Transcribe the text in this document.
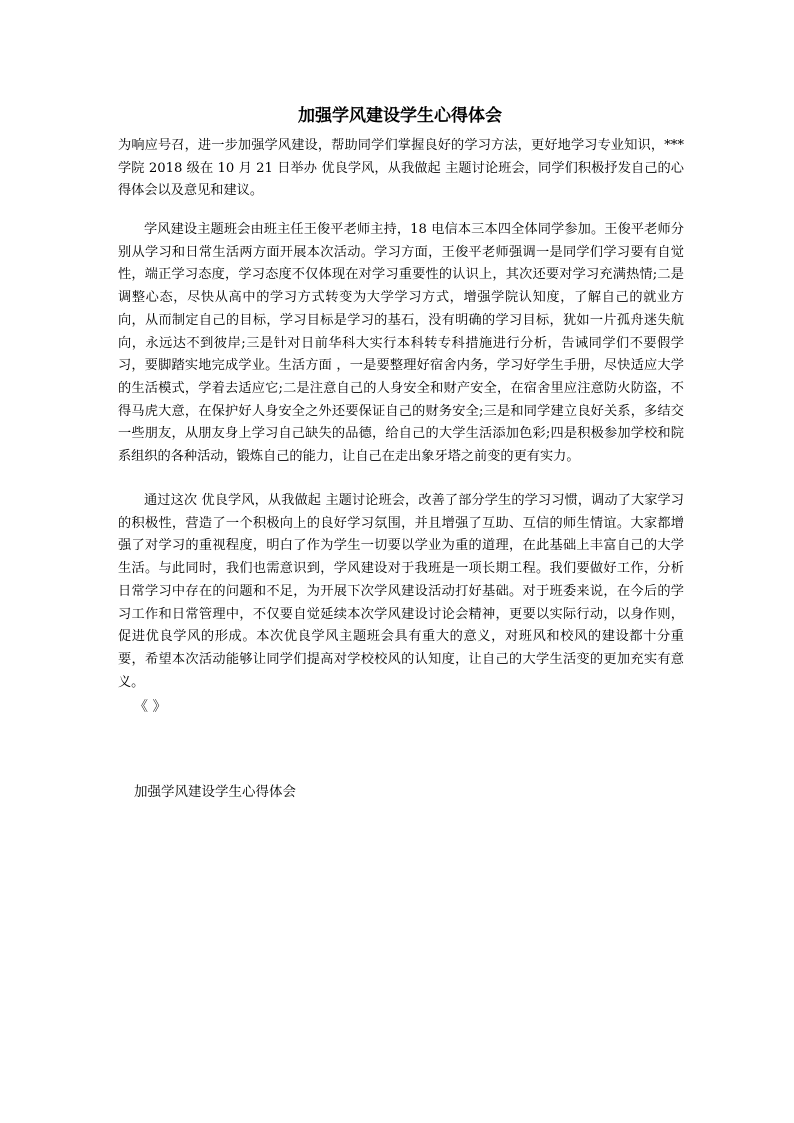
加强学风建设学生心得体会

为响应号召，进一步加强学风建设，帮助同学们掌握良好的学习方法，更好地学习专业知识，***学院 2018 级在 10 月 21 日举办 优良学风，从我做起 主题讨论班会，同学们积极抒发自己的心得体会以及意见和建议。

学风建设主题班会由班主任王俊平老师主持，18 电信本三本四全体同学参加。王俊平老师分别从学习和日常生活两方面开展本次活动。学习方面，王俊平老师强调一是同学们学习要有自觉性，端正学习态度，学习态度不仅体现在对学习重要性的认识上，其次还要对学习充满热情;二是调整心态，尽快从高中的学习方式转变为大学学习方式，增强学院认知度，了解自己的就业方向，从而制定自己的目标，学习目标是学习的基石，没有明确的学习目标，犹如一片孤舟迷失航向，永远达不到彼岸;三是针对日前华科大实行本科转专科措施进行分析，告诫同学们不要假学习，要脚踏实地完成学业。生活方面 ，一是要整理好宿舍内务，学习好学生手册，尽快适应大学的生活模式，学着去适应它;二是注意自己的人身安全和财产安全，在宿舍里应注意防火防盗，不得马虎大意，在保护好人身安全之外还要保证自己的财务安全;三是和同学建立良好关系，多结交一些朋友，从朋友身上学习自己缺失的品德，给自己的大学生活添加色彩;四是积极参加学校和院系组织的各种活动，锻炼自己的能力，让自己在走出象牙塔之前变的更有实力。

通过这次 优良学风，从我做起 主题讨论班会，改善了部分学生的学习习惯，调动了大家学习的积极性，营造了一个积极向上的良好学习氛围，并且增强了互助、互信的师生情谊。大家都增强了对学习的重视程度，明白了作为学生一切要以学业为重的道理，在此基础上丰富自己的大学生活。与此同时，我们也需意识到，学风建设对于我班是一项长期工程。我们要做好工作，分析日常学习中存在的问题和不足，为开展下次学风建设活动打好基础。对于班委来说，在今后的学习工作和日常管理中，不仅要自觉延续本次学风建设讨论会精神，更要以实际行动，以身作则，促进优良学风的形成。本次优良学风主题班会具有重大的意义，对班风和校风的建设都十分重要，希望本次活动能够让同学们提高对学校校风的认知度，让自己的大学生活变的更加充实有意义。

《 》
加强学风建设学生心得体会
